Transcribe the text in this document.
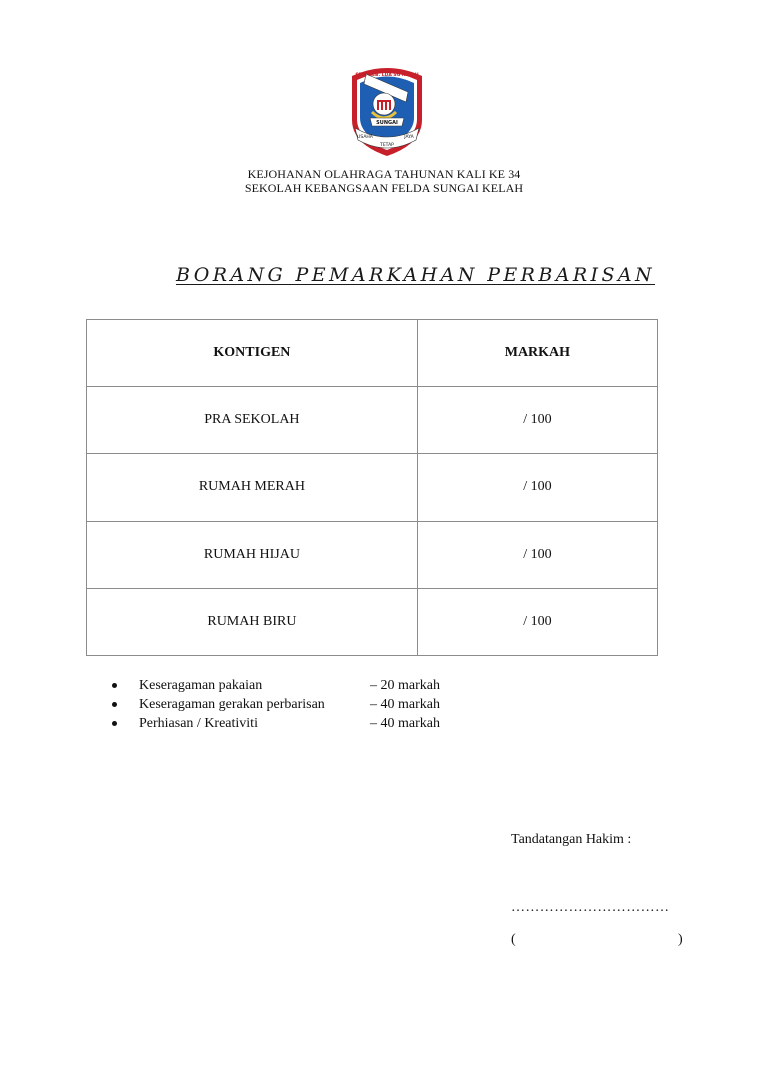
SEK. KEB. LDA SG KELAH
SUNGAI
USAHA
TETAP
JAYA
KEJOHANAN OLAHRAGA TAHUNAN KALI KE 34
SEKOLAH KEBANGSAAN FELDA SUNGAI KELAH
BORANG PEMARKAHAN PERBARISAN
KONTIGEN	MARKAH
PRA SEKOLAH	/ 100
RUMAH MERAH	/ 100
RUMAH HIJAU	/ 100
RUMAH BIRU	/ 100
Keseragaman pakaian	– 20 markah
Keseragaman gerakan perbarisan	– 40 markah
Perhiasan / Kreativiti	– 40 markah
Tandatangan Hakim :
……………………………
(	)
